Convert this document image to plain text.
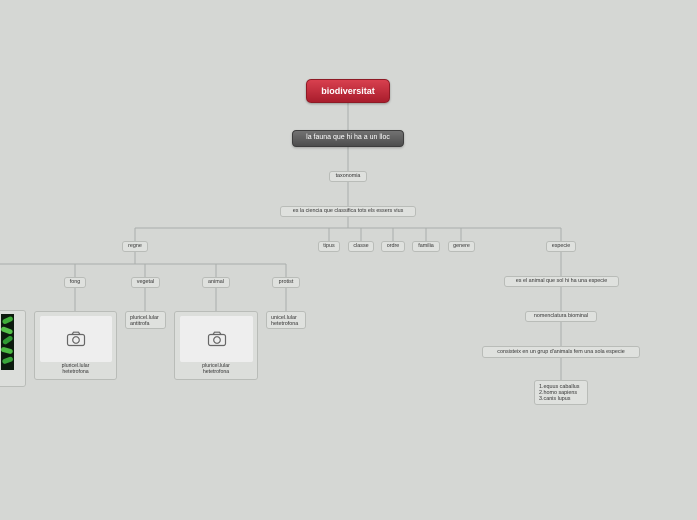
biodiversitat
la fauna que hi ha a un lloc
taxonomia
es la ciencia que classifica tots els essers vius
regne	tipus	classe	ordre	familia	genere	especie
fong	vegetal	animal	protist
pluricel.lular
hetetrofona
pluricel.lular
antitrofa
pluricel.lular
hetetrofona
unicel.lular
hetetrofona
es el animal que sol hi ha una especie
nomenclatura biominal
consisteix en un grup d'animals fem una sola especie
1.equus caballus
2.homo sapiens
3.canis lupus
